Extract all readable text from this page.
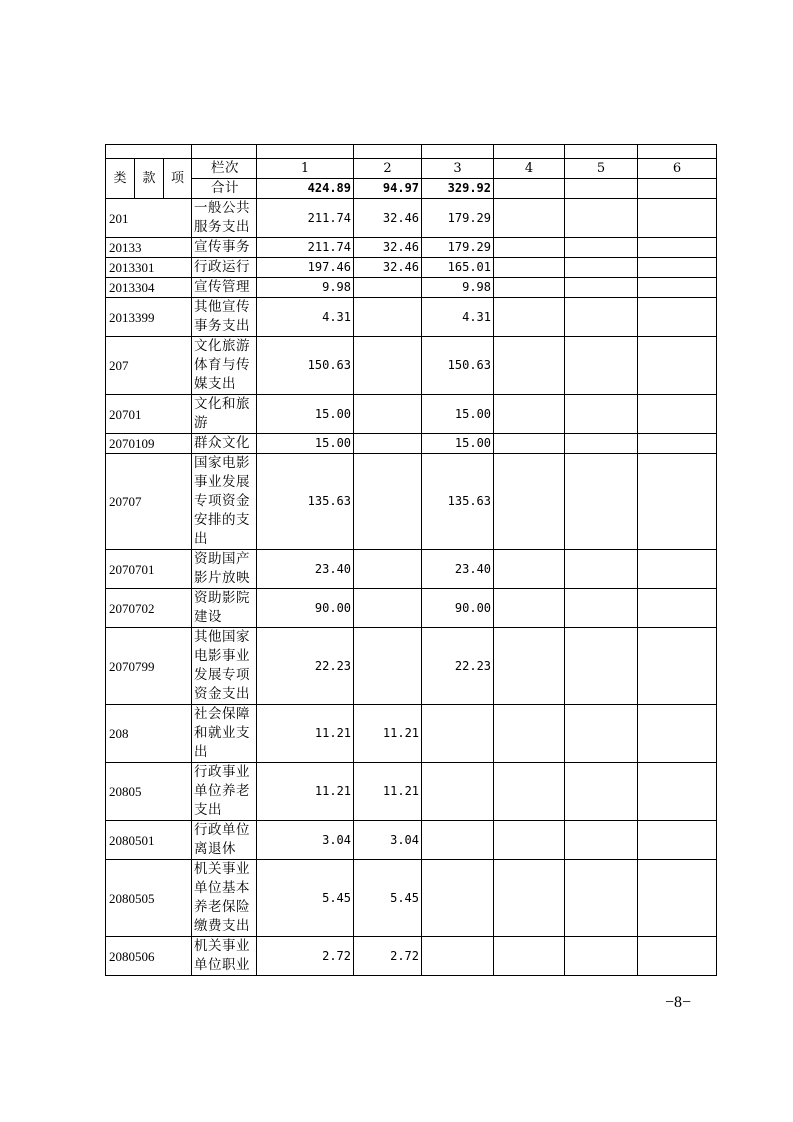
类	款	项	栏次	1	2	3	4	5	6
			合计	424.89	94.97	329.92			
201			一般公共服务支出	211.74	32.46	179.29			
20133			宣传事务	211.74	32.46	179.29			
2013301			行政运行	197.46	32.46	165.01			
2013304			宣传管理	9.98		9.98			
2013399			其他宣传事务支出	4.31		4.31			
207			文化旅游体育与传媒支出	150.63		150.63			
20701			文化和旅游	15.00		15.00			
2070109			群众文化	15.00		15.00			
20707			国家电影事业发展专项资金安排的支出	135.63		135.63			
2070701			资助国产影片放映	23.40		23.40			
2070702			资助影院建设	90.00		90.00			
2070799			其他国家电影事业发展专项资金支出	22.23		22.23			
208			社会保障和就业支出	11.21	11.21				
20805			行政事业单位养老支出	11.21	11.21				
2080501			行政单位离退休	3.04	3.04				
2080505			机关事业单位基本养老保险缴费支出	5.45	5.45				
2080506			机关事业单位职业	2.72	2.72				
−8−
